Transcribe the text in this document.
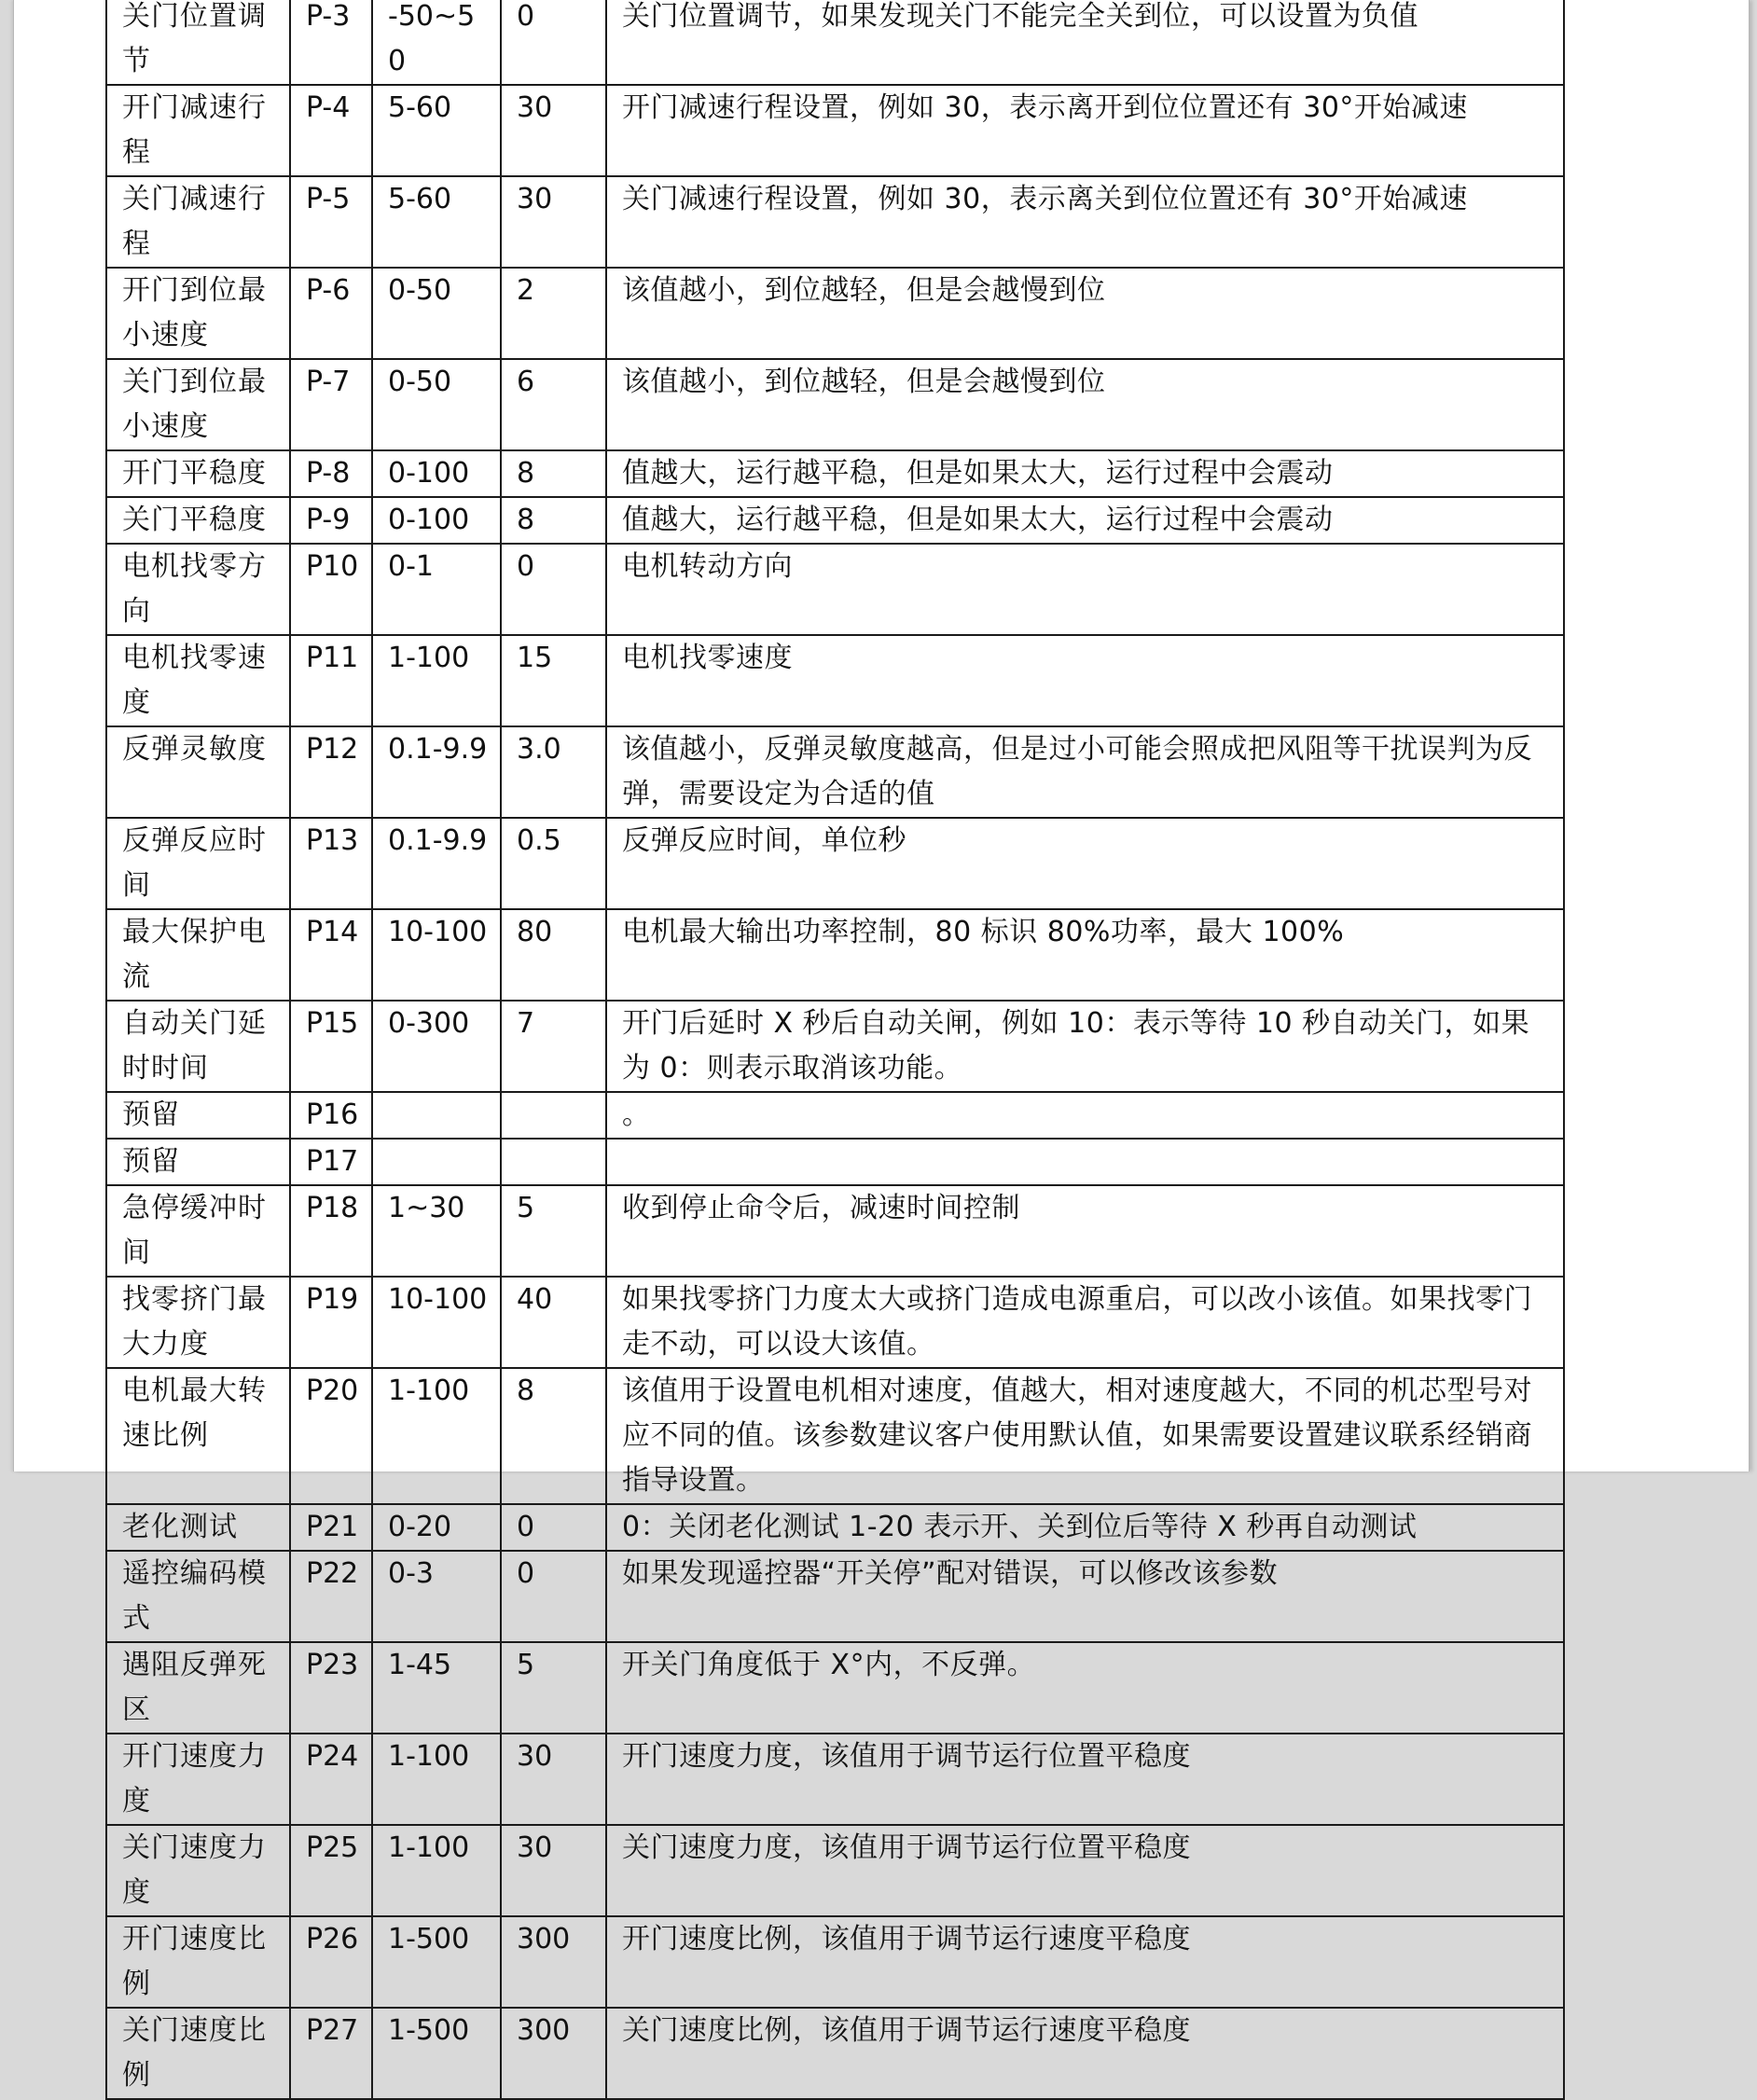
关门位置调节	P-3	-50~50	0	关门位置调节，如果发现关门不能完全关到位，可以设置为负值
开门减速行程	P-4	5-60	30	开门减速行程设置，例如 30，表示离开到位位置还有 30°开始减速
关门减速行程	P-5	5-60	30	关门减速行程设置，例如 30，表示离关到位位置还有 30°开始减速
开门到位最小速度	P-6	0-50	2	该值越小，到位越轻，但是会越慢到位
关门到位最小速度	P-7	0-50	6	该值越小，到位越轻，但是会越慢到位
开门平稳度	P-8	0-100	8	值越大，运行越平稳，但是如果太大，运行过程中会震动
关门平稳度	P-9	0-100	8	值越大，运行越平稳，但是如果太大，运行过程中会震动
电机找零方向	P10	0-1	0	电机转动方向
电机找零速度	P11	1-100	15	电机找零速度
反弹灵敏度	P12	0.1-9.9	3.0	该值越小，反弹灵敏度越高，但是过小可能会照成把风阻等干扰误判为反弹，需要设定为合适的值
反弹反应时间	P13	0.1-9.9	0.5	反弹反应时间，单位秒
最大保护电流	P14	10-100	80	电机最大输出功率控制，80 标识 80%功率，最大 100%
自动关门延时时间	P15	0-300	7	开门后延时 X 秒后自动关闸，例如 10：表示等待 10 秒自动关门，如果为 0：则表示取消该功能。
预留	P16			。
预留	P17			
急停缓冲时间	P18	1~30	5	收到停止命令后，减速时间控制
找零挤门最大力度	P19	10-100	40	如果找零挤门力度太大或挤门造成电源重启，可以改小该值。如果找零门走不动，可以设大该值。
电机最大转速比例	P20	1-100	8	该值用于设置电机相对速度，值越大，相对速度越大，不同的机芯型号对应不同的值。该参数建议客户使用默认值，如果需要设置建议联系经销商指导设置。
老化测试	P21	0-20	0	0：关闭老化测试 1-20 表示开、关到位后等待 X 秒再自动测试
遥控编码模式	P22	0-3	0	如果发现遥控器“开关停”配对错误，可以修改该参数
遇阻反弹死区	P23	1-45	5	开关门角度低于 X°内，不反弹。
开门速度力度	P24	1-100	30	开门速度力度，该值用于调节运行位置平稳度
关门速度力度	P25	1-100	30	关门速度力度，该值用于调节运行位置平稳度
开门速度比例	P26	1-500	300	开门速度比例，该值用于调节运行速度平稳度
关门速度比例	P27	1-500	300	关门速度比例，该值用于调节运行速度平稳度
